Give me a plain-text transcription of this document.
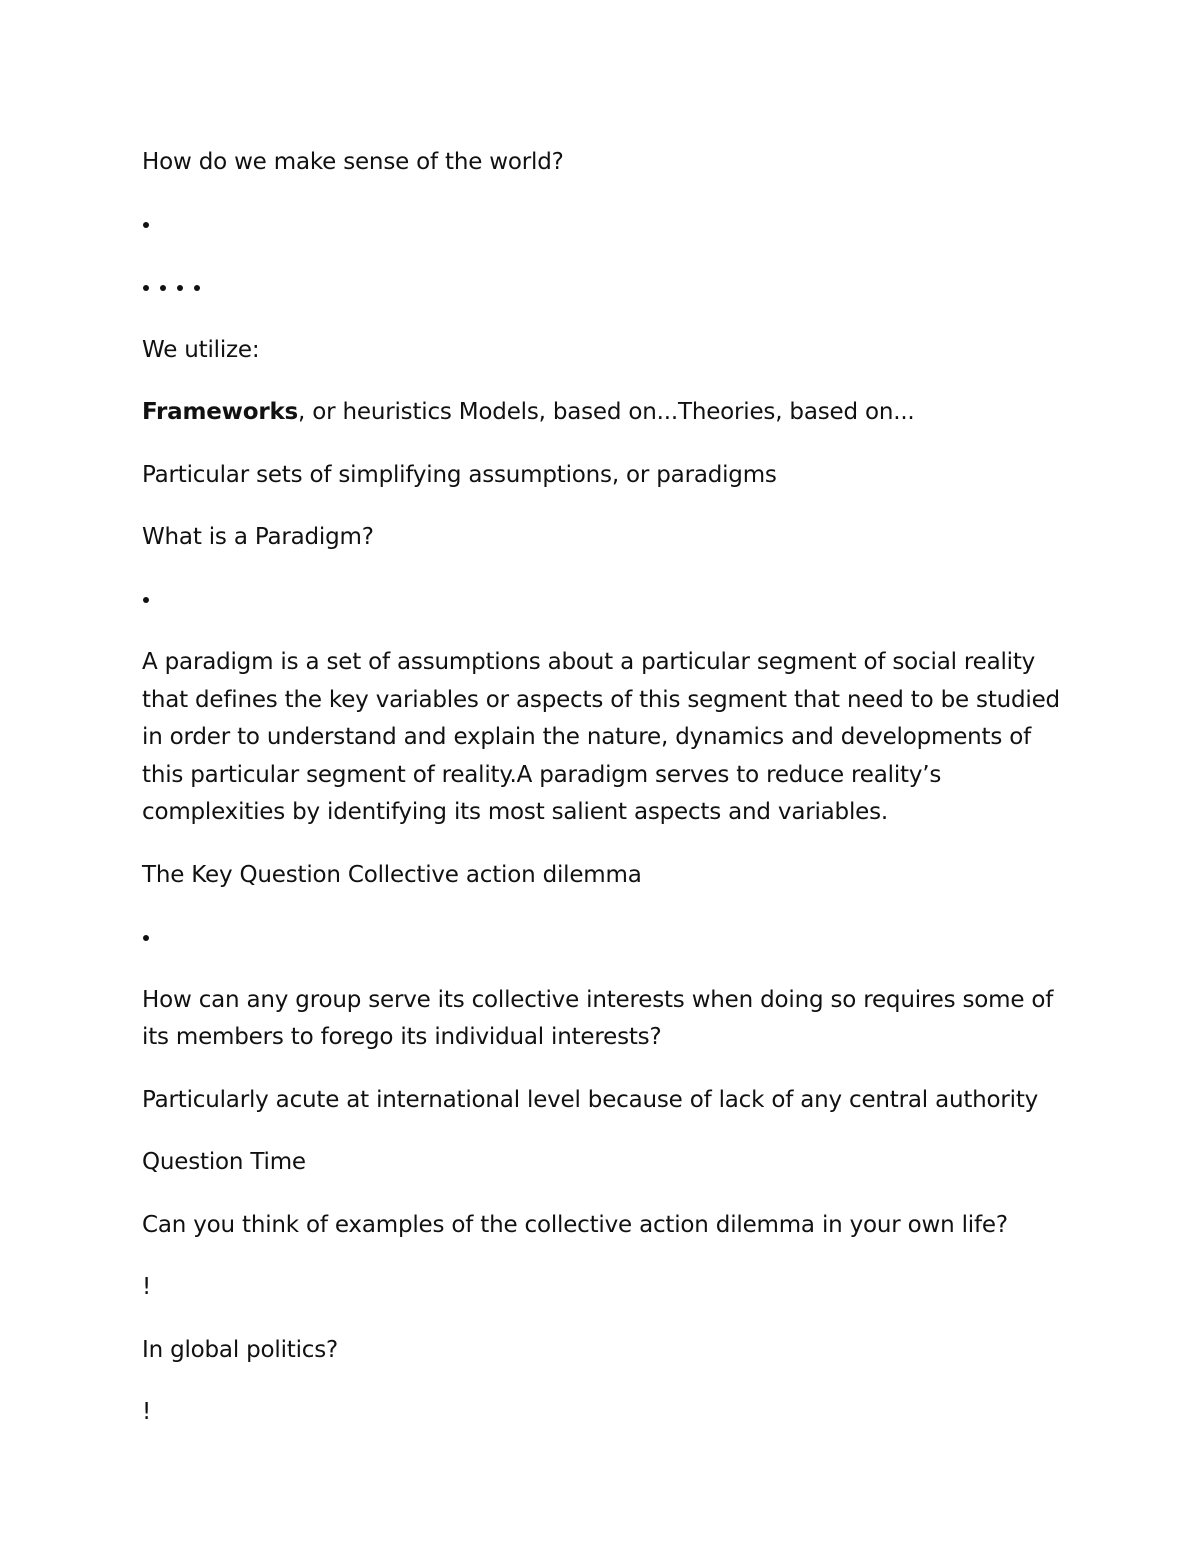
How do we make sense of the world?

We utilize:

Frameworks, or heuristics Models, based on...Theories, based on...

Particular sets of simplifying assumptions, or paradigms

What is a Paradigm?

A paradigm is a set of assumptions about a particular segment of social reality that defines the key variables or aspects of this segment that need to be studied in order to understand and explain the nature, dynamics and developments of this particular segment of reality.A paradigm serves to reduce reality’s complexities by identifying its most salient aspects and variables.

The Key Question Collective action dilemma

How can any group serve its collective interests when doing so requires some of its members to forego its individual interests?

Particularly acute at international level because of lack of any central authority

Question Time

Can you think of examples of the collective action dilemma in your own life?

!

In global politics?

!
